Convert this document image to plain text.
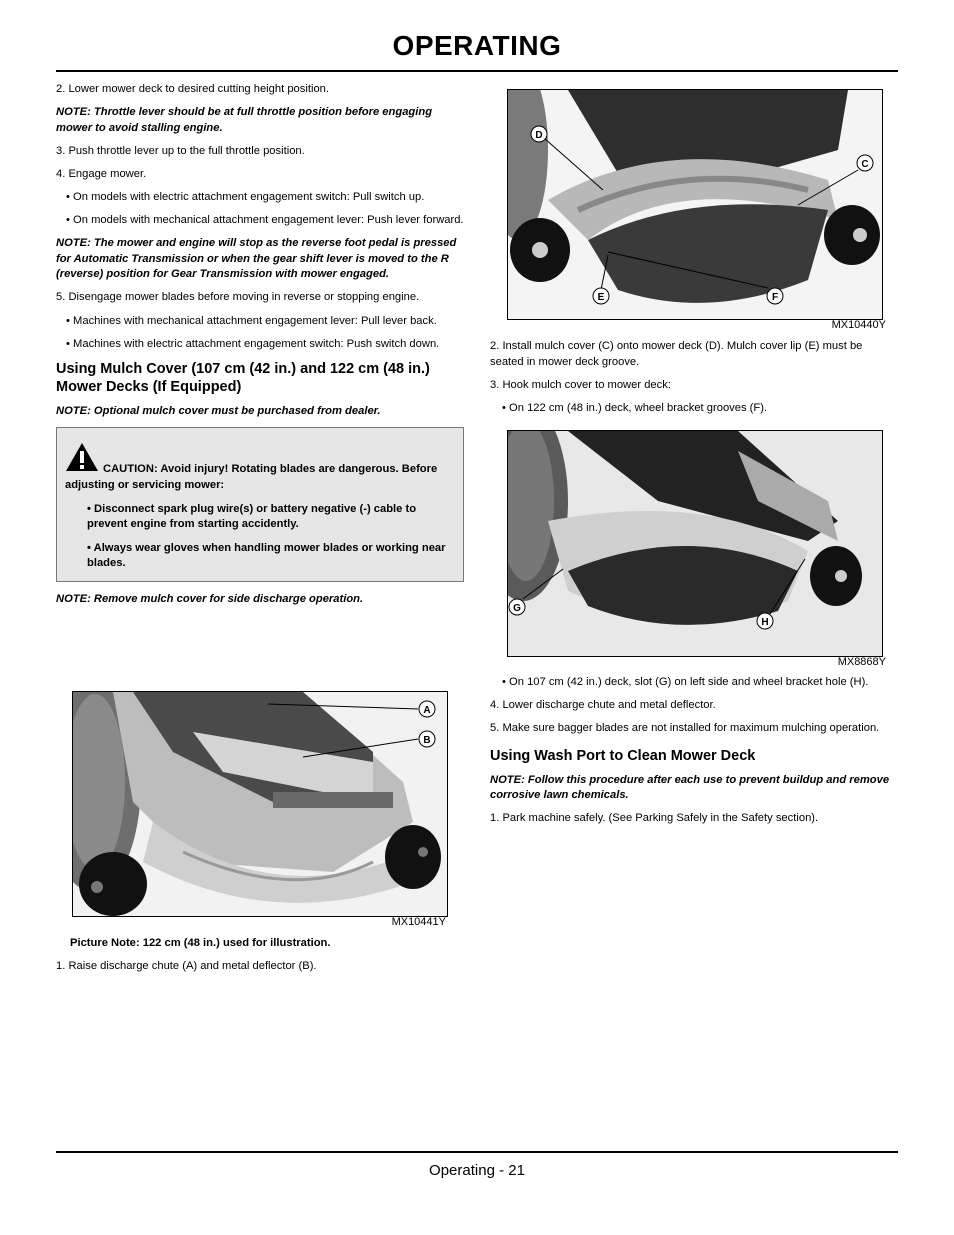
OPERATING

2. Lower mower deck to desired cutting height position.

NOTE: Throttle lever should be at full throttle position before engaging mower to avoid stalling engine.

3. Push throttle lever up to the full throttle position.

4. Engage mower.

• On models with electric attachment engagement switch: Pull switch up.

• On models with mechanical attachment engagement lever: Push lever forward.

NOTE: The mower and engine will stop as the reverse foot pedal is pressed for Automatic Transmission or when the gear shift lever is moved to the R (reverse) position for Gear Transmission with mower engaged.

5. Disengage mower blades before moving in reverse or stopping engine.

• Machines with mechanical attachment engagement lever: Pull lever back.

• Machines with electric attachment engagement switch: Push switch down.

Using Mulch Cover (107 cm (42 in.) and 122 cm (48 in.) Mower Decks (If Equipped)

NOTE: Optional mulch cover must be purchased from dealer.

CAUTION: Avoid injury! Rotating blades are dangerous. Before adjusting or servicing mower:

• Disconnect spark plug wire(s) or battery negative (-) cable to prevent engine from starting accidently.

• Always wear gloves when handling mower blades or working near blades.

NOTE: Remove mulch cover for side discharge operation.

A
B
MX10441Y

Picture Note: 122 cm (48 in.) used for illustration.

1. Raise discharge chute (A) and metal deflector (B).

D
C
E	F
MX10440Y

2. Install mulch cover (C) onto mower deck (D). Mulch cover lip (E) must be seated in mower deck groove.

3. Hook mulch cover to mower deck:

• On 122 cm (48 in.) deck, wheel bracket grooves (F).

G
H
MX8868Y

• On 107 cm (42 in.) deck, slot (G) on left side and wheel bracket hole (H).

4. Lower discharge chute and metal deflector.

5. Make sure bagger blades are not installed for maximum mulching operation.

Using Wash Port to Clean Mower Deck

NOTE: Follow this procedure after each use to prevent buildup and remove corrosive lawn chemicals.

1. Park machine safely. (See Parking Safely in the Safety section).

Operating - 21
